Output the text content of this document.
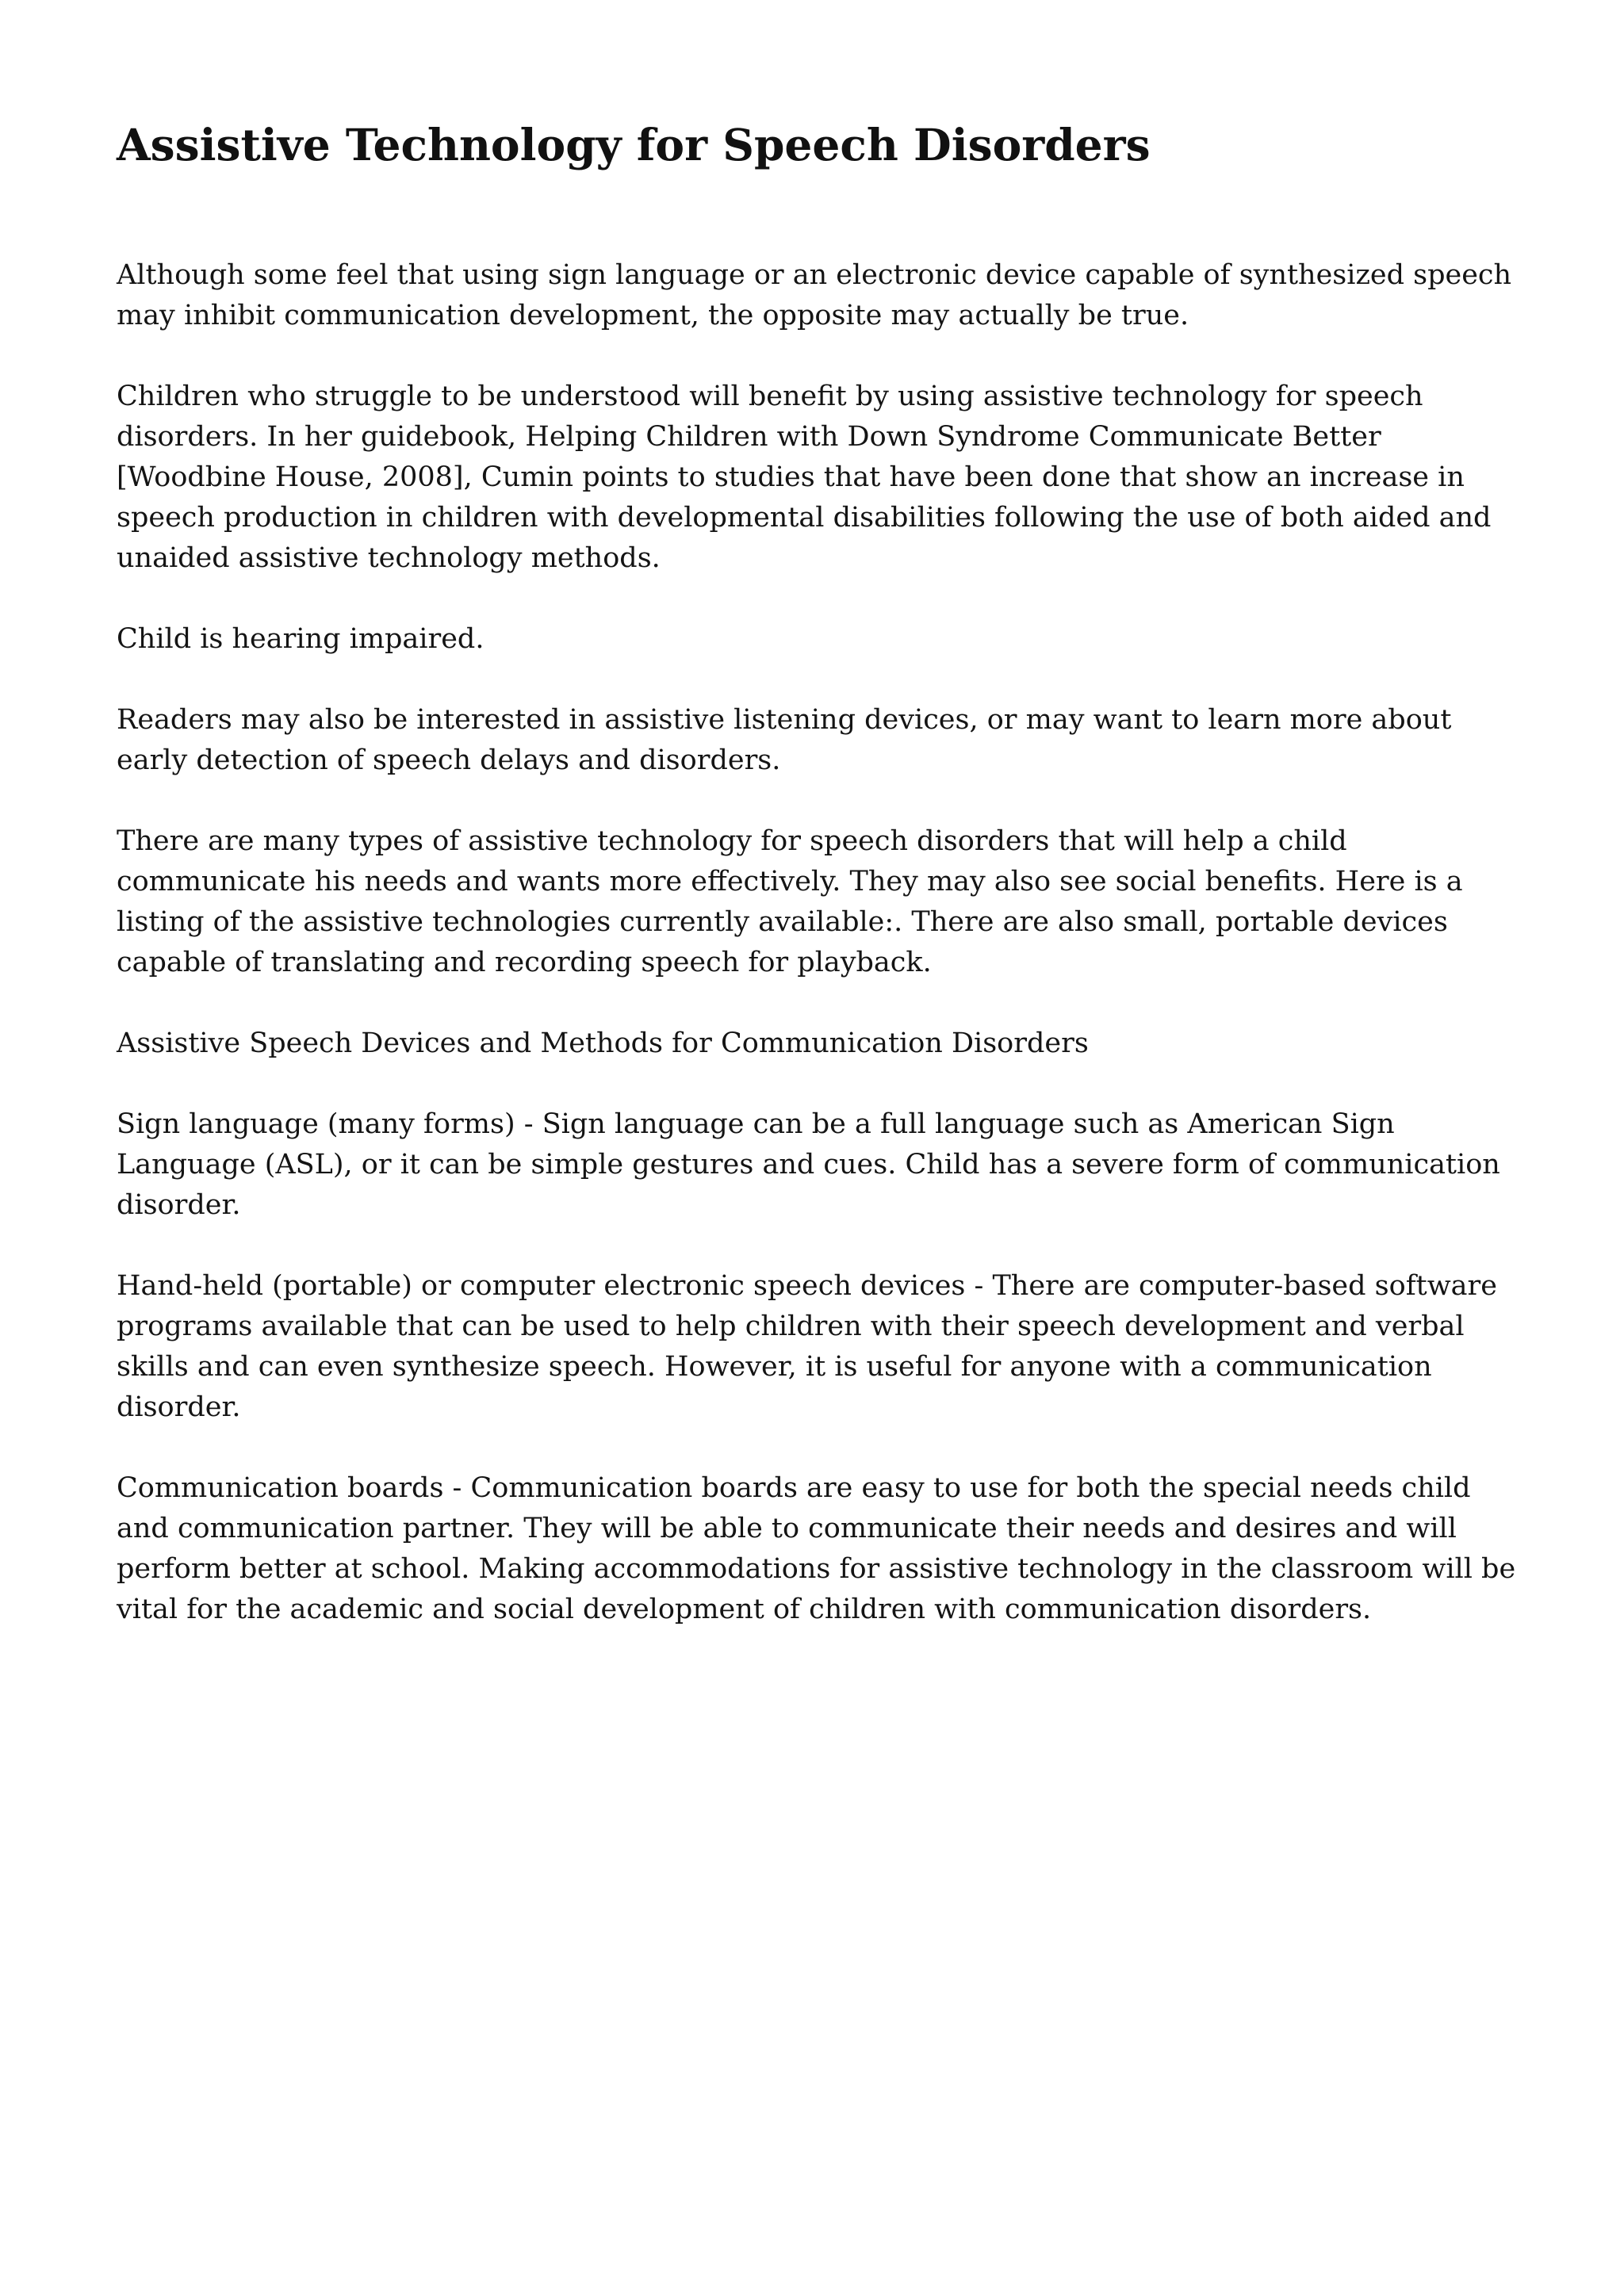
Assistive Technology for Speech Disorders

Although some feel that using sign language or an electronic device capable of synthesized speech may inhibit communication development, the opposite may actually be true.

Children who struggle to be understood will benefit by using assistive technology for speech disorders. In her guidebook, Helping Children with Down Syndrome Communicate Better [Woodbine House, 2008], Cumin points to studies that have been done that show an increase in speech production in children with developmental disabilities following the use of both aided and unaided assistive technology methods.

Child is hearing impaired.

Readers may also be interested in assistive listening devices, or may want to learn more about early detection of speech delays and disorders.

There are many types of assistive technology for speech disorders that will help a child communicate his needs and wants more effectively. They may also see social benefits. Here is a listing of the assistive technologies currently available:. There are also small, portable devices capable of translating and recording speech for playback.

Assistive Speech Devices and Methods for Communication Disorders

Sign language (many forms) - Sign language can be a full language such as American Sign Language (ASL), or it can be simple gestures and cues. Child has a severe form of communication disorder.

Hand-held (portable) or computer electronic speech devices - There are computer-based software programs available that can be used to help children with their speech development and verbal skills and can even synthesize speech. However, it is useful for anyone with a communication disorder.

Communication boards - Communication boards are easy to use for both the special needs child and communication partner. They will be able to communicate their needs and desires and will perform better at school. Making accommodations for assistive technology in the classroom will be vital for the academic and social development of children with communication disorders.
